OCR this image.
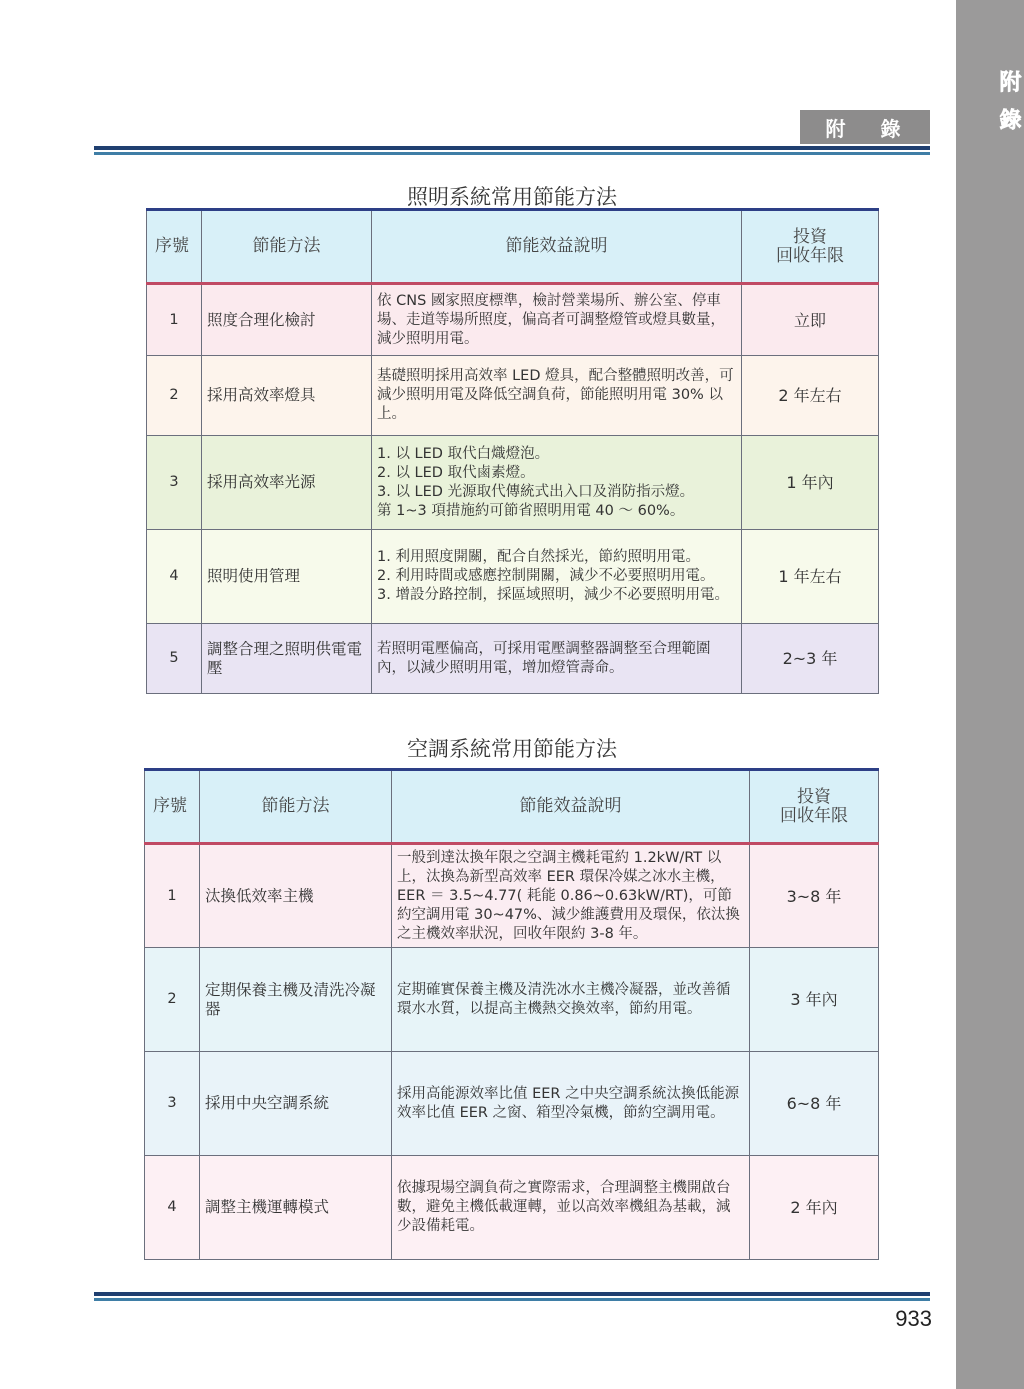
附錄
附 錄
照明系統常用節能方法
序號	節能方法	節能效益說明	投資
回收年限
1	照度合理化檢討	依 CNS 國家照度標準，檢討營業場所、辦公室、停車場、走道等場所照度，偏高者可調整燈管或燈具數量，減少照明用電。	立即
2	採用高效率燈具	基礎照明採用高效率 LED 燈具，配合整體照明改善，可減少照明用電及降低空調負荷，節能照明用電 30% 以上。	2 年左右
3	採用高效率光源	1. 以 LED 取代白熾燈泡。
2. 以 LED 取代鹵素燈。
3. 以 LED 光源取代傳統式出入口及消防指示燈。
第 1~3 項措施約可節省照明用電 40 ～ 60%。	1 年內
4	照明使用管理	1. 利用照度開關，配合自然採光，節約照明用電。
2. 利用時間或感應控制開關，減少不必要照明用電。
3. 增設分路控制，採區域照明，減少不必要照明用電。	1 年左右
5	調整合理之照明供電電壓	若照明電壓偏高，可採用電壓調整器調整至合理範圍內，以減少照明用電，增加燈管壽命。	2~3 年
空調系統常用節能方法
序號	節能方法	節能效益說明	投資
回收年限
1	汰換低效率主機	一般到達汰換年限之空調主機耗電約 1.2kW/RT 以上，汰換為新型高效率 EER 環保冷媒之冰水主機，EER ＝ 3.5~4.77( 耗能 0.86~0.63kW/RT)，可節約空調用電 30~47%、減少維護費用及環保，依汰換之主機效率狀況，回收年限約 3-8 年。	3~8 年
2	定期保養主機及清洗冷凝器	定期確實保養主機及清洗冰水主機冷凝器，並改善循環水水質，以提高主機熱交換效率，節約用電。	3 年內
3	採用中央空調系統	採用高能源效率比值 EER 之中央空調系統汰換低能源效率比值 EER 之窗、箱型冷氣機，節約空調用電。	6~8 年
4	調整主機運轉模式	依據現場空調負荷之實際需求，合理調整主機開啟台數，避免主機低載運轉，並以高效率機組為基載，減少設備耗電。	2 年內
933
